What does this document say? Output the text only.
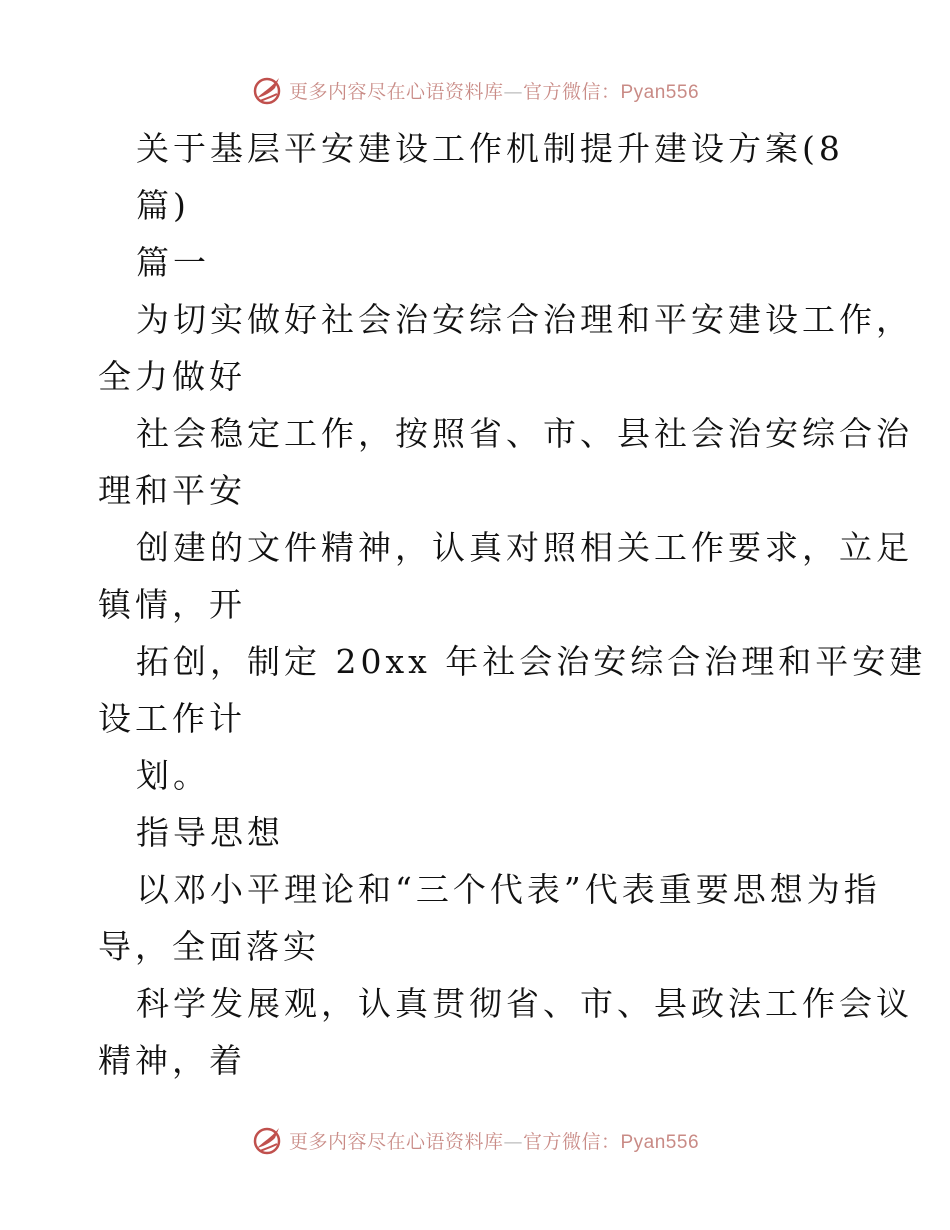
更多内容尽在心语资料库—官方微信：Pyan556
关于基层平安建设工作机制提升建设方案(8
篇)
篇一
为切实做好社会治安综合治理和平安建设工作，
全力做好
社会稳定工作，按照省、市、县社会治安综合治
理和平安
创建的文件精神，认真对照相关工作要求，立足
镇情，开
拓创，制定 20xx 年社会治安综合治理和平安建
设工作计
划。
指导思想
以邓小平理论和“三个代表”代表重要思想为指
导，全面落实
科学发展观，认真贯彻省、市、县政法工作会议
精神，着
更多内容尽在心语资料库—官方微信：Pyan556
